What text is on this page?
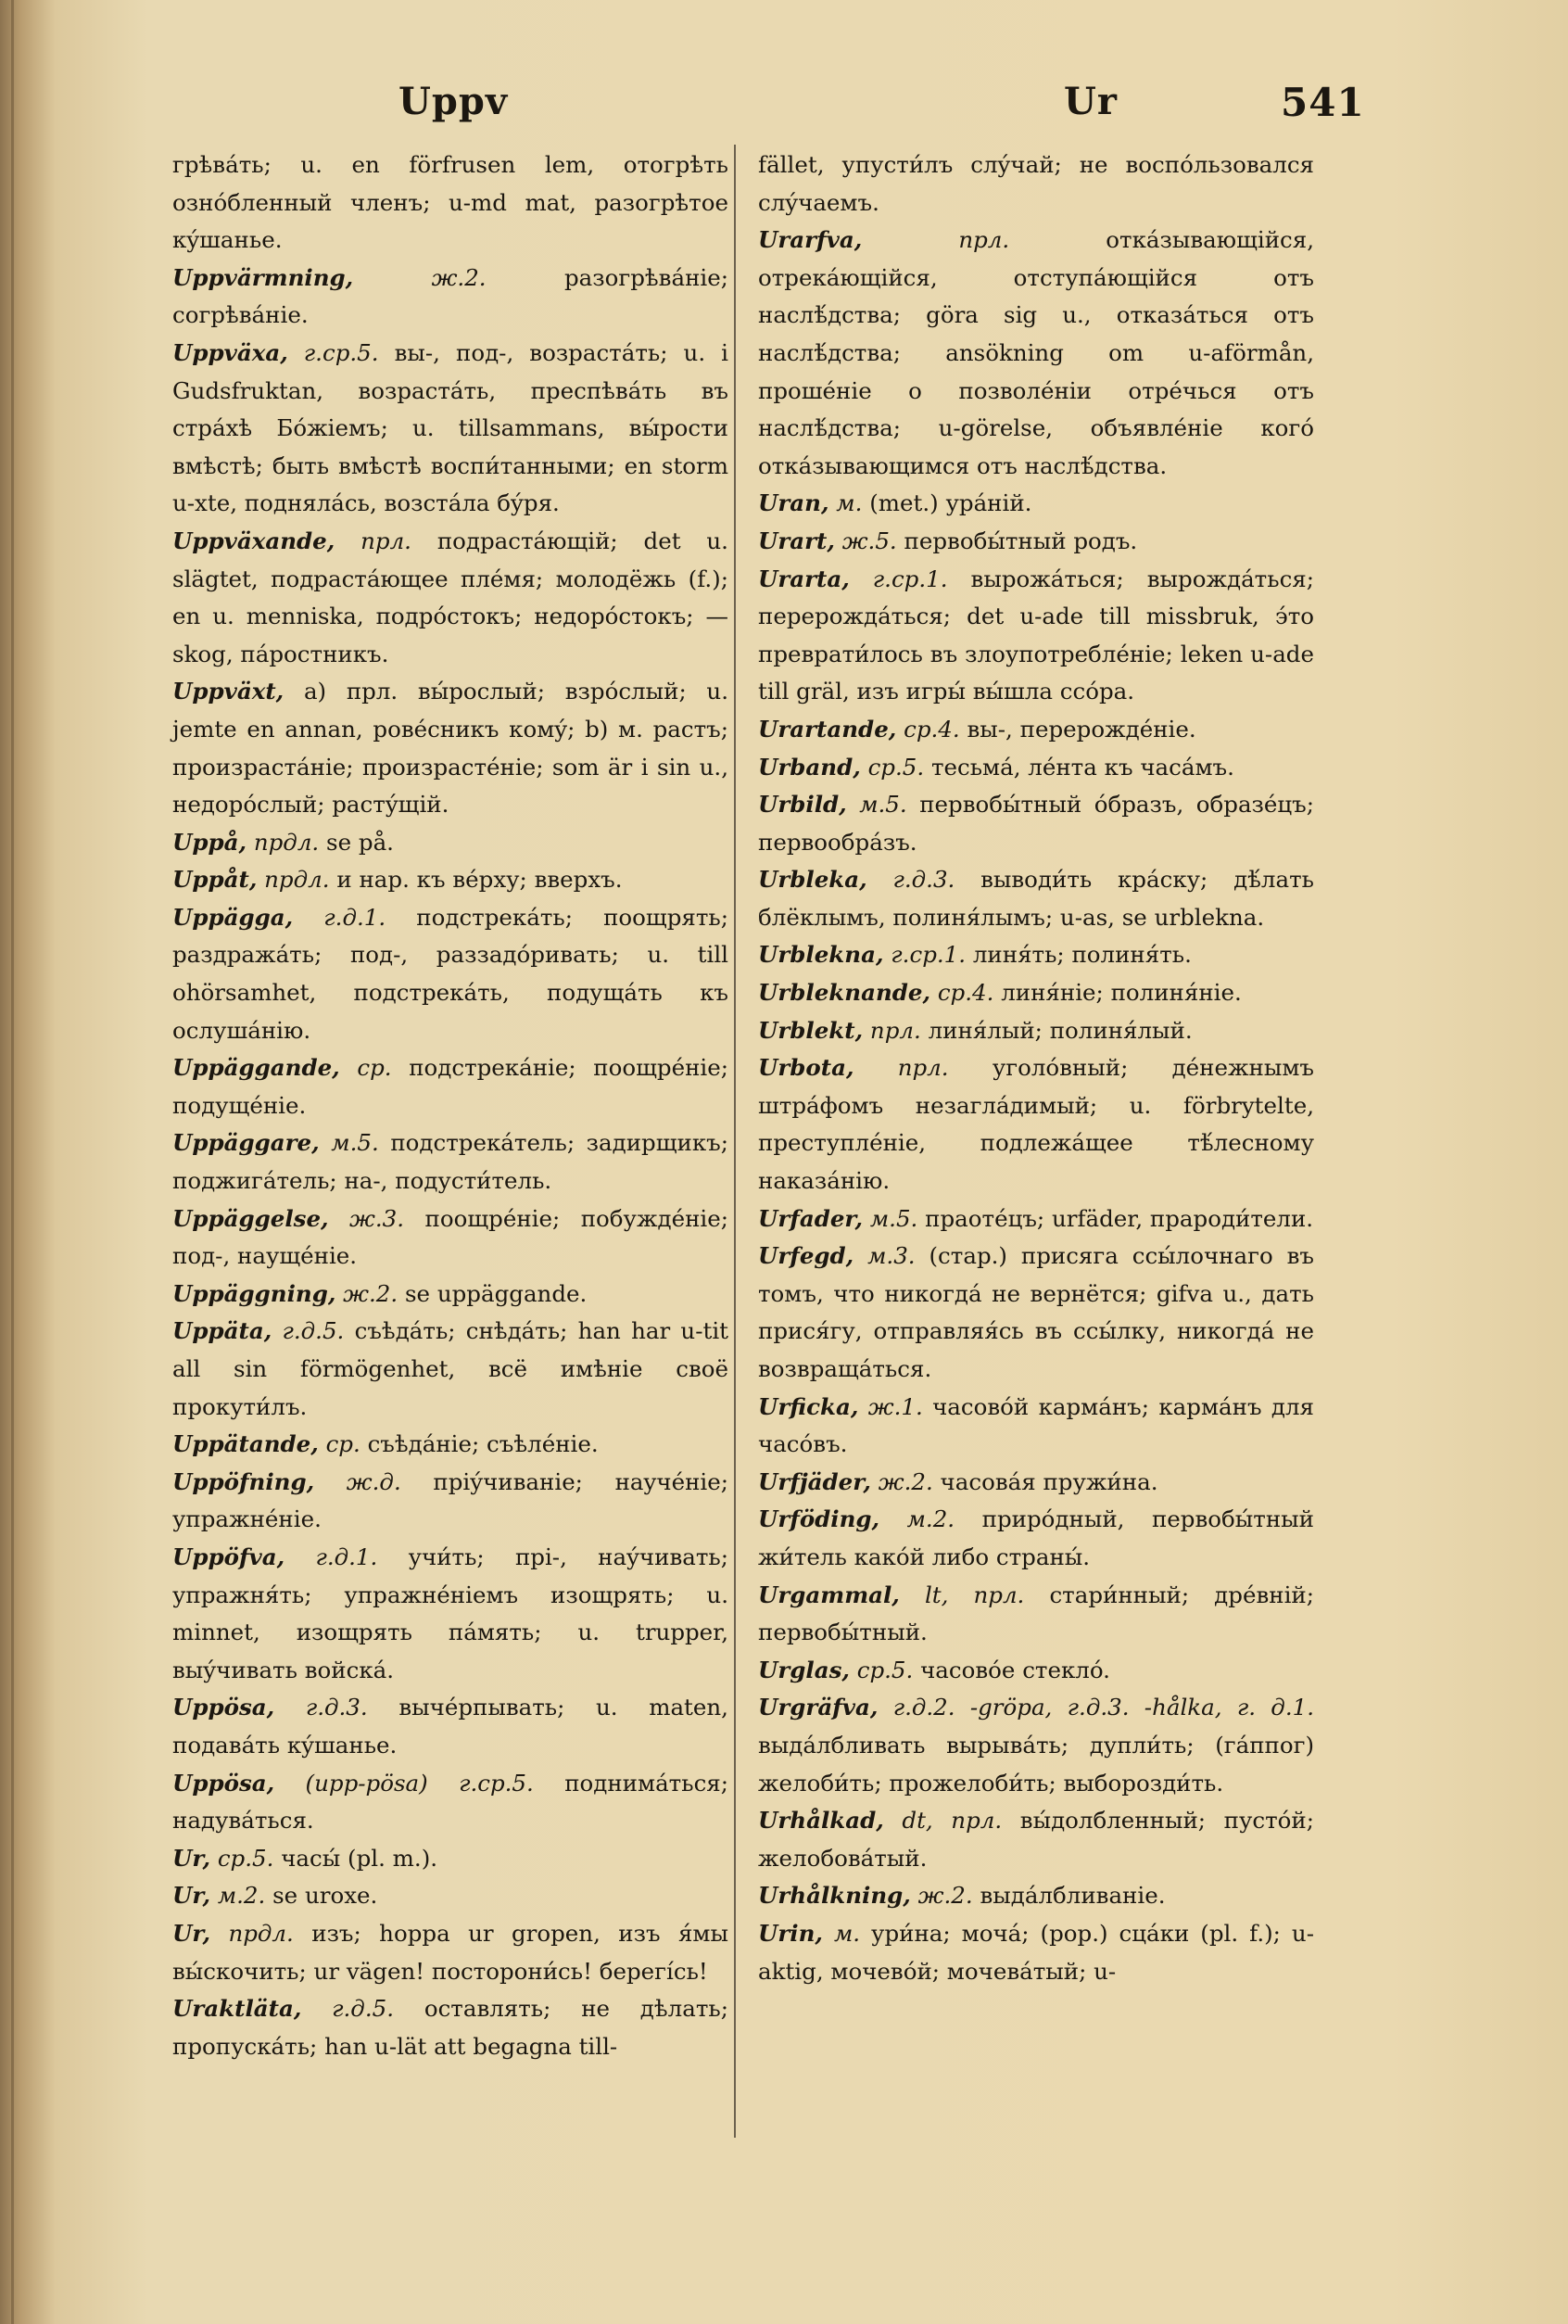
Uppv	Ur	541
грѣвáть; u. en förfrusen lem, отогрѣть ознóбленный членъ; u-md mat, разогрѣтое кýшанье.
Uppvärmning,	ж.2.	разогрѣвáніе; согрѣвáніе.
Uppväxa, г.ср.5. вы-, под-, возрастáть; u. i Gudsfruktan, возрастáть, преспѣвáть въ стрáхѣ Бóжіемъ; u. tillsammans, вы́рости вмѣстѣ; быть вмѣстѣ воспи́танными; en storm u-xte, подняла́сь, возстáла бýря.
Uppväxande, прл. подрастáющій; det u. slägtet, подрастáющее плéмя; молодёжь (f.); en u. menniska, подрóстокъ; недорóстокъ; — skog, пáростникъ.
Uppväxt, a) прл. вы́рослый; взрóслый; u. jemte en annan, ровéсникъ комý; b) м. растъ; произрастáніе; произрастéніе; som är i sin u., недорóслый; растýщій.
Uppå, прдл. se på.
Uppåt, прдл. и нар. къ вéрху; вверхъ.
Uppägga, г.д.1. подстрекáть; поощрять; раздражáть; под-, раззадóривать; u. till ohörsamhet, подстрекáть, подущáть къ ослушáнію.
Uppäggande, ср. подстрекáніе; поощрéніе; подущéніе.
Uppäggare, м.5. подстрекáтель; задирщикъ; поджигáтель; на-, подусти́тель.
Uppäggelse, ж.3. поощрéніе; побуждéніе; под-, наущéніе.
Uppäggning, ж.2. se uppäggande.
Uppäta, г.д.5. съѣдáть; снѣдáть; han har u-tit all sin förmögenhet, всё имѣніе своё прокути́лъ.
Uppätande, ср. съѣдáніе; съѣлéніе.
Uppöfning, ж.д. прiýчиваніе; наyчéніе; упражнéніе.
Uppöfva, г.д.1. учи́ть; прi-, наýчивать; упражня́ть; упражнéніемъ изощрять; u. minnet, изощрять пáмять; u. trupper, выýчивать войскá.
Uppösa, г.д.3. вычéрпывать; u. maten, подавáть кýшанье.
Uppösa, (upp-pösa) г.ср.5. поднимáться; надувáться.
Ur, ср.5. часы́ (pl. m.).
Ur, м.2. se uroxe.
Ur, прдл. изъ; hoppa ur gropen, изъ я́мы вы́скочить; ur vägen! посторони́сь! берегíсь!
Uraktläta, г.д.5. оставлять; не дѣлать; пропускáть; han u-lät att begagna till-
fället, упусти́лъ слýчай; не воспóльзовался слýчаемъ.
Urarfva,	прл.	откáзывающійся, отрекáющійся, отступáющійся отъ наслѣ́дства; göra sig u., отказáться отъ наслѣ́дства; ansökning om u-aförmån, прошéніе о позволéніи отрéчься отъ наслѣ́дства; u-görelse, объявлéніе когó откáзывающимся отъ наслѣ́дства.
Uran, м. (met.) урáній.
Urart, ж.5. первобы́тный родъ.
Urarta, г.ср.1. вырожáться; вырождáться; перерождáться; det u-ade till missbruk, э́то преврати́лось въ злоупотреблéніе; leken u-ade till gräl, изъ игры́ вы́шла ссóра.
Urartande, ср.4. вы-, перерождéніе.
Urband, ср.5. тесьмá, лéнта къ часáмъ.
Urbild, м.5. первобы́тный óбразъ, образéцъ; первообрáзъ.
Urbleka, г.д.3. выводи́ть крáску; дѣ́лать блёклымъ, полиня́лымъ; u-as, se urblekna.
Urblekna, г.ср.1. линя́ть; полиня́ть.
Urbleknande, ср.4. линя́ніе; полиня́ніе.
Urblekt, прл. линя́лый; полиня́лый.
Urbota, прл. уголóвный; дéнежнымъ штрáфомъ незаглáдимый; u. förbrytelte, преступлéніе, подлежáщее тѣ́лесному наказáнію.
Urfader, м.5. праотéцъ; urfäder, прароди́тели.
Urfegd, м.3. (стар.) присяга ссы́лочнаго въ томъ, что никогдá не вернётся; gifva u., дать прися́гу, отправляя́сь въ ссы́лку, никогдá не возвращáться.
Urficka, ж.1. часовóй кармáнъ; кармáнъ для часóвъ.
Urfjäder, ж.2. часовáя пружи́на.
Urföding, м.2. прирóдный, первобы́тный жи́тель какóй либо страны́.
Urgammal, lt, прл. стари́нный; дрéвній; первобы́тный.
Urglas, ср.5. часовóе стеклó.
Urgräfva, г.д.2. -gröpa, г.д.3. -hålka, г. д.1. выдáлбливать вырывáть; дупли́ть; (гáппог) желоби́ть; прожелоби́ть; выборозди́ть.
Urhålkad, dt, прл. вы́долбленный; пустóй; желобовáтый.
Urhålkning, ж.2. выдáлбливаніе.
Urin, м. ури́на; мочá; (рор.) сцáки (pl. f.); u-aktig, мочевóй; мочевáтый; u-
